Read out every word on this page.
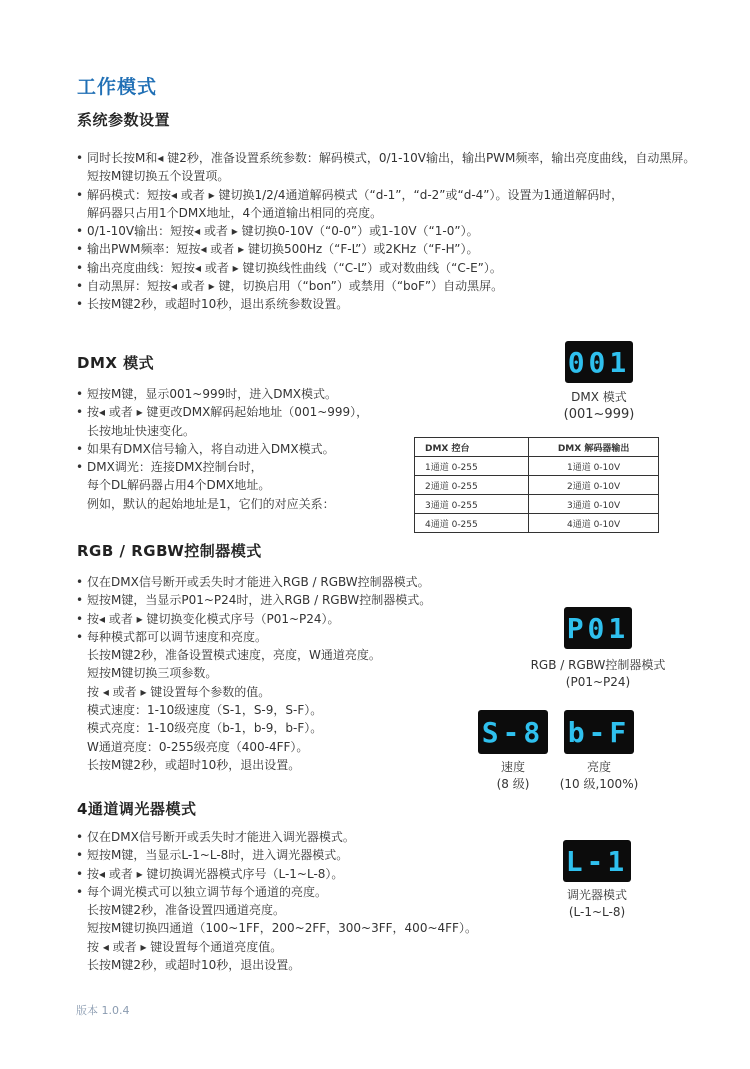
工作模式
系统参数设置
• 同时长按M和◂ 键2秒，准备设置系统参数：解码模式，0/1-10V输出，输出PWM频率，输出亮度曲线，自动黑屏。
短按M键切换五个设置项。
• 解码模式：短按◂ 或者 ▸ 键切换1/2/4通道解码模式（“d-1”，“d-2”或“d-4”）。设置为1通道解码时，
解码器只占用1个DMX地址，4个通道输出相同的亮度。
• 0/1-10V输出：短按◂ 或者 ▸ 键切换0-10V（“0-0”）或1-10V（“1-0”）。
• 输出PWM频率：短按◂ 或者 ▸ 键切换500Hz（“F-L”）或2KHz（“F-H”）。
• 输出亮度曲线：短按◂ 或者 ▸ 键切换线性曲线（“C-L”）或对数曲线（“C-E”）。
• 自动黑屏：短按◂ 或者 ▸ 键，切换启用（“bon”）或禁用（“boF”）自动黑屏。
• 长按M键2秒，或超时10秒，退出系统参数设置。
DMX 模式
• 短按M键，显示001~999时，进入DMX模式。
• 按◂ 或者 ▸ 键更改DMX解码起始地址（001~999），
长按地址快速变化。
• 如果有DMX信号输入，将自动进入DMX模式。
• DMX调光：连接DMX控制台时，
每个DL解码器占用4个DMX地址。
例如，默认的起始地址是1，它们的对应关系：
001
DMX 模式
(001~999)
DMX 控台	DMX 解码器输出
1通道 0-255	1通道 0-10V
2通道 0-255	2通道 0-10V
3通道 0-255	3通道 0-10V
4通道 0-255	4通道 0-10V
RGB / RGBW控制器模式
• 仅在DMX信号断开或丢失时才能进入RGB / RGBW控制器模式。
• 短按M键，当显示P01~P24时，进入RGB / RGBW控制器模式。
• 按◂ 或者 ▸ 键切换变化模式序号（P01~P24）。
• 每种模式都可以调节速度和亮度。
长按M键2秒，准备设置模式速度，亮度，W通道亮度。
短按M键切换三项参数。
按 ◂ 或者 ▸ 键设置每个参数的值。
模式速度：1-10级速度（S-1，S-9，S-F）。
模式亮度：1-10级亮度（b-1，b-9，b-F）。
W通道亮度：0-255级亮度（400-4FF）。
长按M键2秒，或超时10秒，退出设置。
P01
RGB / RGBW控制器模式
(P01~P24)
S-8
速度
(8 级)
b-F
亮度
(10 级,100%)
4通道调光器模式
• 仅在DMX信号断开或丢失时才能进入调光器模式。
• 短按M键，当显示L-1~L-8时，进入调光器模式。
• 按◂ 或者 ▸ 键切换调光器模式序号（L-1~L-8）。
• 每个调光模式可以独立调节每个通道的亮度。
长按M键2秒，准备设置四通道亮度。
短按M键切换四通道（100~1FF，200~2FF，300~3FF，400~4FF）。
按 ◂ 或者 ▸ 键设置每个通道亮度值。
长按M键2秒，或超时10秒，退出设置。
L-1
调光器模式
(L-1~L-8)
版本 1.0.4
